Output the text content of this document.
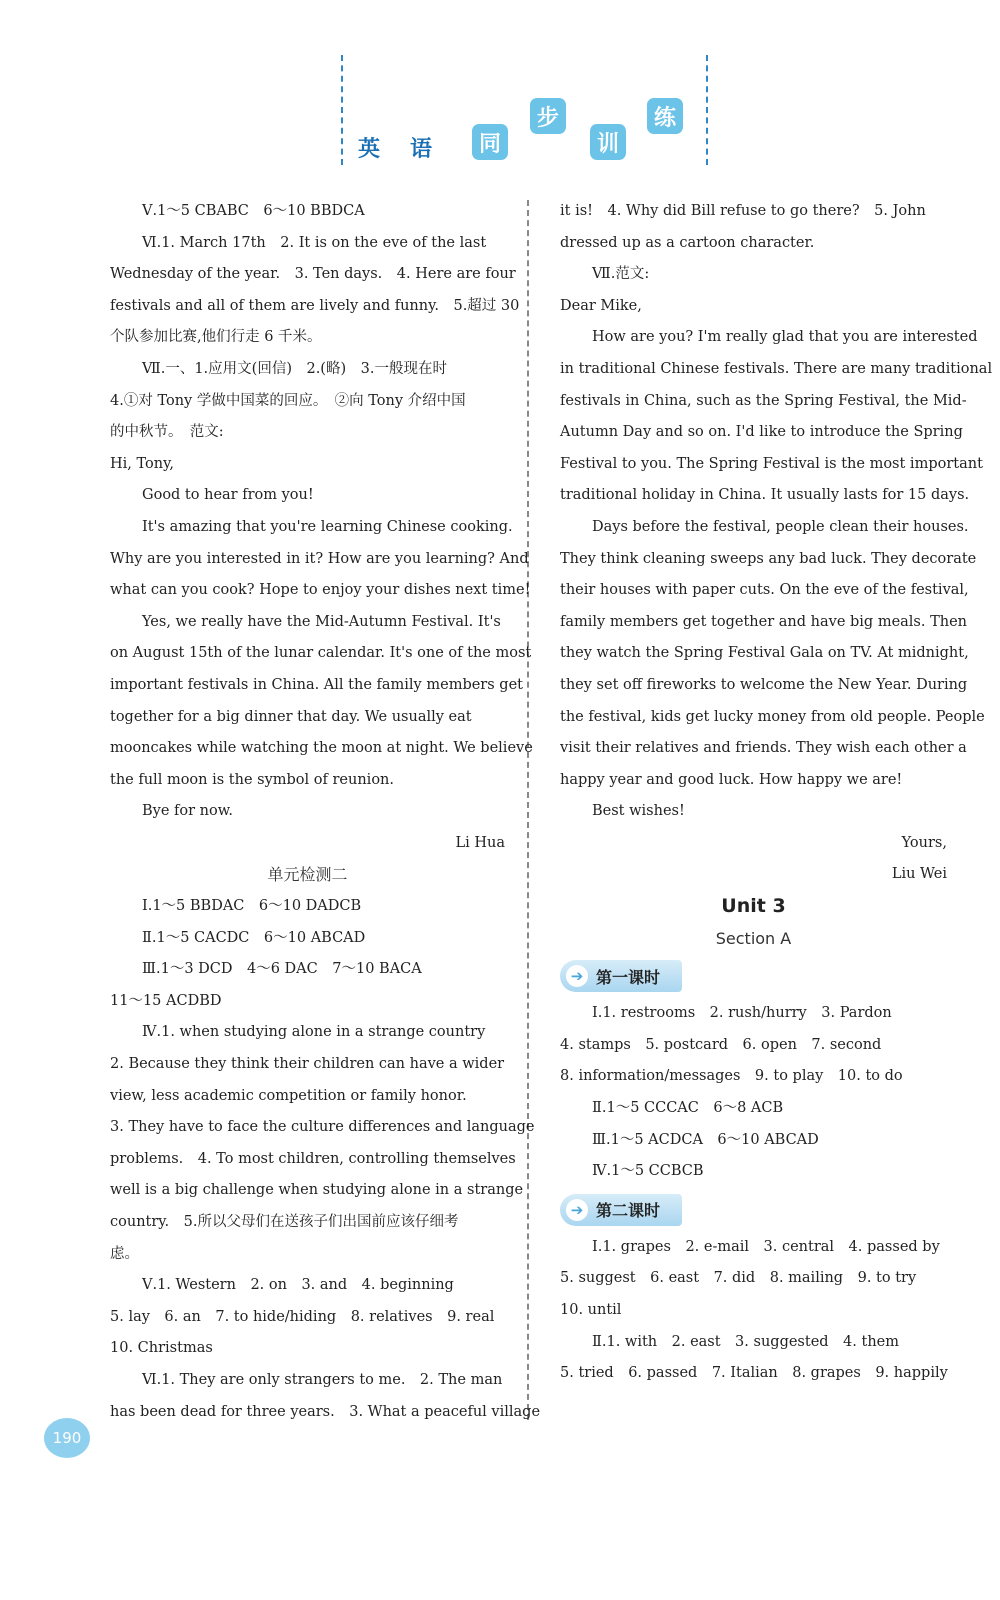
英 语	同
步
训
练
Ⅴ.1～5 CBABC　6～10 BBDCA
Ⅵ.1. March 17th　2. It is on the eve of the last
Wednesday of the year.　3. Ten days.　4. Here are four
festivals and all of them are lively and funny.　5.超过 30
个队参加比赛,他们行走 6 千米。
Ⅶ.一、1.应用文(回信)　2.(略)　3.一般现在时
4.①对 Tony 学做中国菜的回应。　②向 Tony 介绍中国
的中秋节。　范文:
Hi, Tony,
Good to hear from you!
It's amazing that you're learning Chinese cooking.
Why are you interested in it? How are you learning? And
what can you cook? Hope to enjoy your dishes next time!
Yes, we really have the Mid-Autumn Festival. It's
on August 15th of the lunar calendar. It's one of the most
important festivals in China. All the family members get
together for a big dinner that day. We usually eat
mooncakes while watching the moon at night. We believe
the full moon is the symbol of reunion.
Bye for now.
Li Hua
单元检测二
Ⅰ.1～5 BBDAC　6～10 DADCB
Ⅱ.1～5 CACDC　6～10 ABCAD
Ⅲ.1～3 DCD　4～6 DAC　7～10 BACA
11～15 ACDBD
Ⅳ.1. when studying alone in a strange country
2. Because they think their children can have a wider
view, less academic competition or family honor.
3. They have to face the culture differences and language
problems.　4. To most children, controlling themselves
well is a big challenge when studying alone in a strange
country.　5.所以父母们在送孩子们出国前应该仔细考
虑。
Ⅴ.1. Western　2. on　3. and　4. beginning
5. lay　6. an　7. to hide/hiding　8. relatives　9. real
10. Christmas
Ⅵ.1. They are only strangers to me.　2. The man
has been dead for three years.　3. What a peaceful village
it is!　4. Why did Bill refuse to go there?　5. John
dressed up as a cartoon character.
Ⅶ.范文:
Dear Mike,
How are you? I'm really glad that you are interested
in traditional Chinese festivals. There are many traditional
festivals in China, such as the Spring Festival, the Mid-
Autumn Day and so on. I'd like to introduce the Spring
Festival to you. The Spring Festival is the most important
traditional holiday in China. It usually lasts for 15 days.
Days before the festival, people clean their houses.
They think cleaning sweeps any bad luck. They decorate
their houses with paper cuts. On the eve of the festival,
family members get together and have big meals. Then
they watch the Spring Festival Gala on TV. At midnight,
they set off fireworks to welcome the New Year. During
the festival, kids get lucky money from old people. People
visit their relatives and friends. They wish each other a
happy year and good luck. How happy we are!
Best wishes!
Yours,
Liu Wei
Unit 3
Section A
➔ 第一课时
Ⅰ.1. restrooms　2. rush/hurry　3. Pardon
4. stamps　5. postcard　6. open　7. second
8. information/messages　9. to play　10. to do
Ⅱ.1～5 CCCAC　6～8 ACB
Ⅲ.1～5 ACDCA　6～10 ABCAD
Ⅳ.1～5 CCBCB
➔ 第二课时
Ⅰ.1. grapes　2. e-mail　3. central　4. passed by
5. suggest　6. east　7. did　8. mailing　9. to try
10. until
Ⅱ.1. with　2. east　3. suggested　4. them
5. tried　6. passed　7. Italian　8. grapes　9. happily
190
